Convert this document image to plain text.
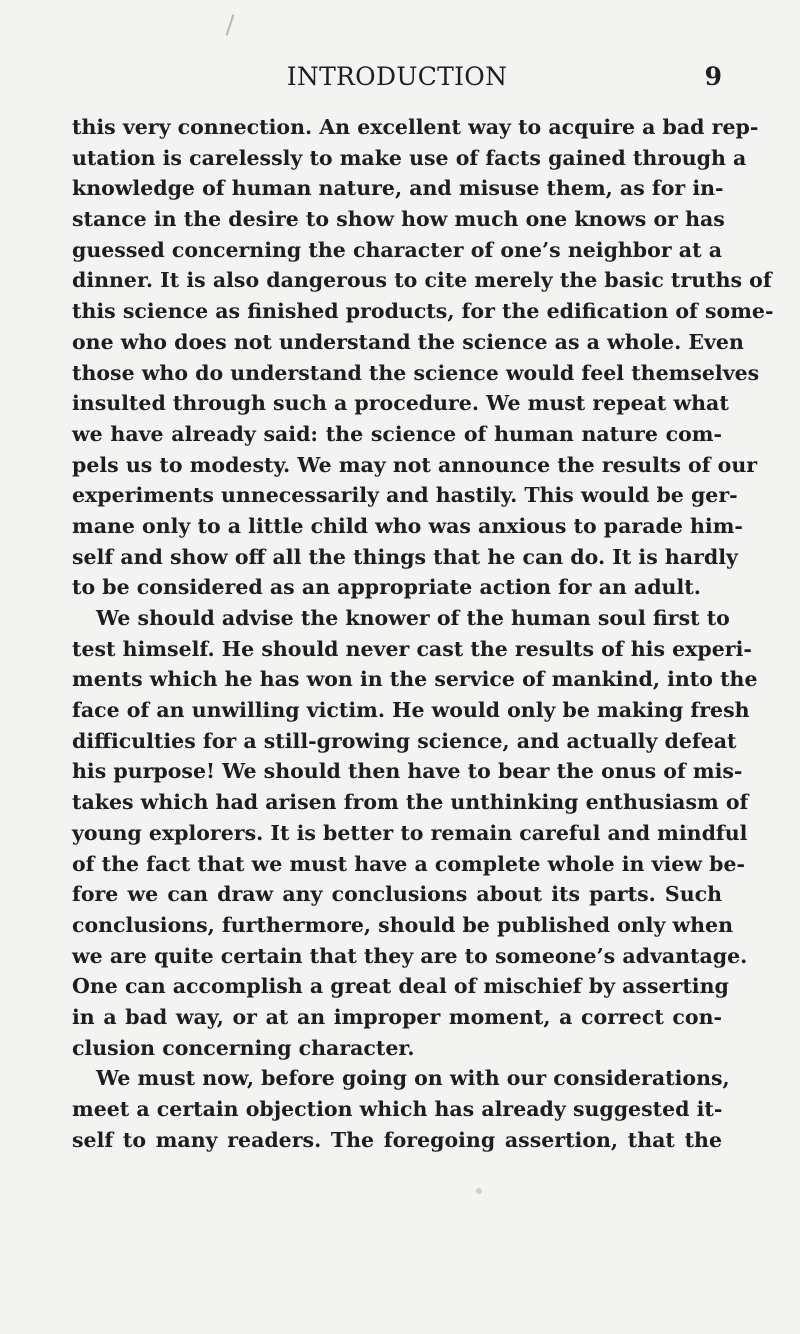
INTRODUCTION	9
this very connection. An excellent way to acquire a bad rep-
utation is carelessly to make use of facts gained through a
knowledge of human nature, and misuse them, as for in-
stance in the desire to show how much one knows or has
guessed concerning the character of one’s neighbor at a
dinner. It is also dangerous to cite merely the basic truths of
this science as finished products, for the edification of some-
one who does not understand the science as a whole. Even
those who do understand the science would feel themselves
insulted through such a procedure. We must repeat what
we have already said: the science of human nature com-
pels us to modesty. We may not announce the results of our
experiments unnecessarily and hastily. This would be ger-
mane only to a little child who was anxious to parade him-
self and show off all the things that he can do. It is hardly
to be considered as an appropriate action for an adult.
We should advise the knower of the human soul first to
test himself. He should never cast the results of his experi-
ments which he has won in the service of mankind, into the
face of an unwilling victim. He would only be making fresh
difficulties for a still-growing science, and actually defeat
his purpose! We should then have to bear the onus of mis-
takes which had arisen from the unthinking enthusiasm of
young explorers. It is better to remain careful and mindful
of the fact that we must have a complete whole in view be-
fore we can draw any conclusions about its parts. Such
conclusions, furthermore, should be published only when
we are quite certain that they are to someone’s advantage.
One can accomplish a great deal of mischief by asserting
in a bad way, or at an improper moment, a correct con-
clusion concerning character.
We must now, before going on with our considerations,
meet a certain objection which has already suggested it-
self to many readers. The foregoing assertion, that the
